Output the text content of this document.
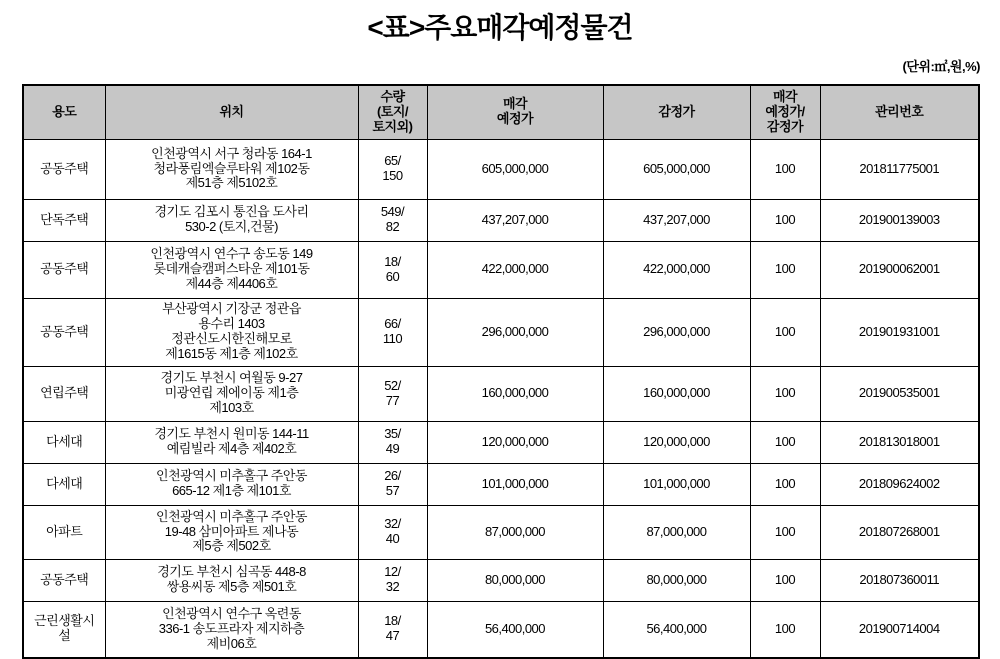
<표>주요매각예정물건
(단위:㎡,원,%)
용도	위치	수량
(토지/
토지외)	매각
예정가	감정가	매각
예정가/
감정가	관리번호
공동주택	인천광역시 서구 청라동 164-1
청라풍림엑슬루타워 제102동
제51층 제5102호	65/
150	605,000,000	605,000,000	100	201811775001
단독주택	경기도 김포시 통진읍 도사리
530-2 (토지,건물)	549/
82	437,207,000	437,207,000	100	201900139003
공동주택	인천광역시 연수구 송도동 149
롯데캐슬캠퍼스타운 제101동
제44층 제4406호	18/
60	422,000,000	422,000,000	100	201900062001
공동주택	부산광역시 기장군 정관읍
용수리 1403
정관신도시한진해모로
제1615동 제1층 제102호	66/
110	296,000,000	296,000,000	100	201901931001
연립주택	경기도 부천시 여월동 9-27
미광연립 제에이동 제1층
제103호	52/
77	160,000,000	160,000,000	100	201900535001
다세대	경기도 부천시 원미동 144-11
예림빌라 제4층 제402호	35/
49	120,000,000	120,000,000	100	201813018001
다세대	인천광역시 미추홀구 주안동
665-12 제1층 제101호	26/
57	101,000,000	101,000,000	100	201809624002
아파트	인천광역시 미추홀구 주안동
19-48 삼미아파트 제나동
제5층 제502호	32/
40	87,000,000	87,000,000	100	201807268001
공동주택	경기도 부천시 심곡동 448-8
쌍용씨동 제5층 제501호	12/
32	80,000,000	80,000,000	100	201807360011
근린생활시
설	인천광역시 연수구 옥련동
336-1 송도프라자 제지하층
제비06호	18/
47	56,400,000	56,400,000	100	201900714004
